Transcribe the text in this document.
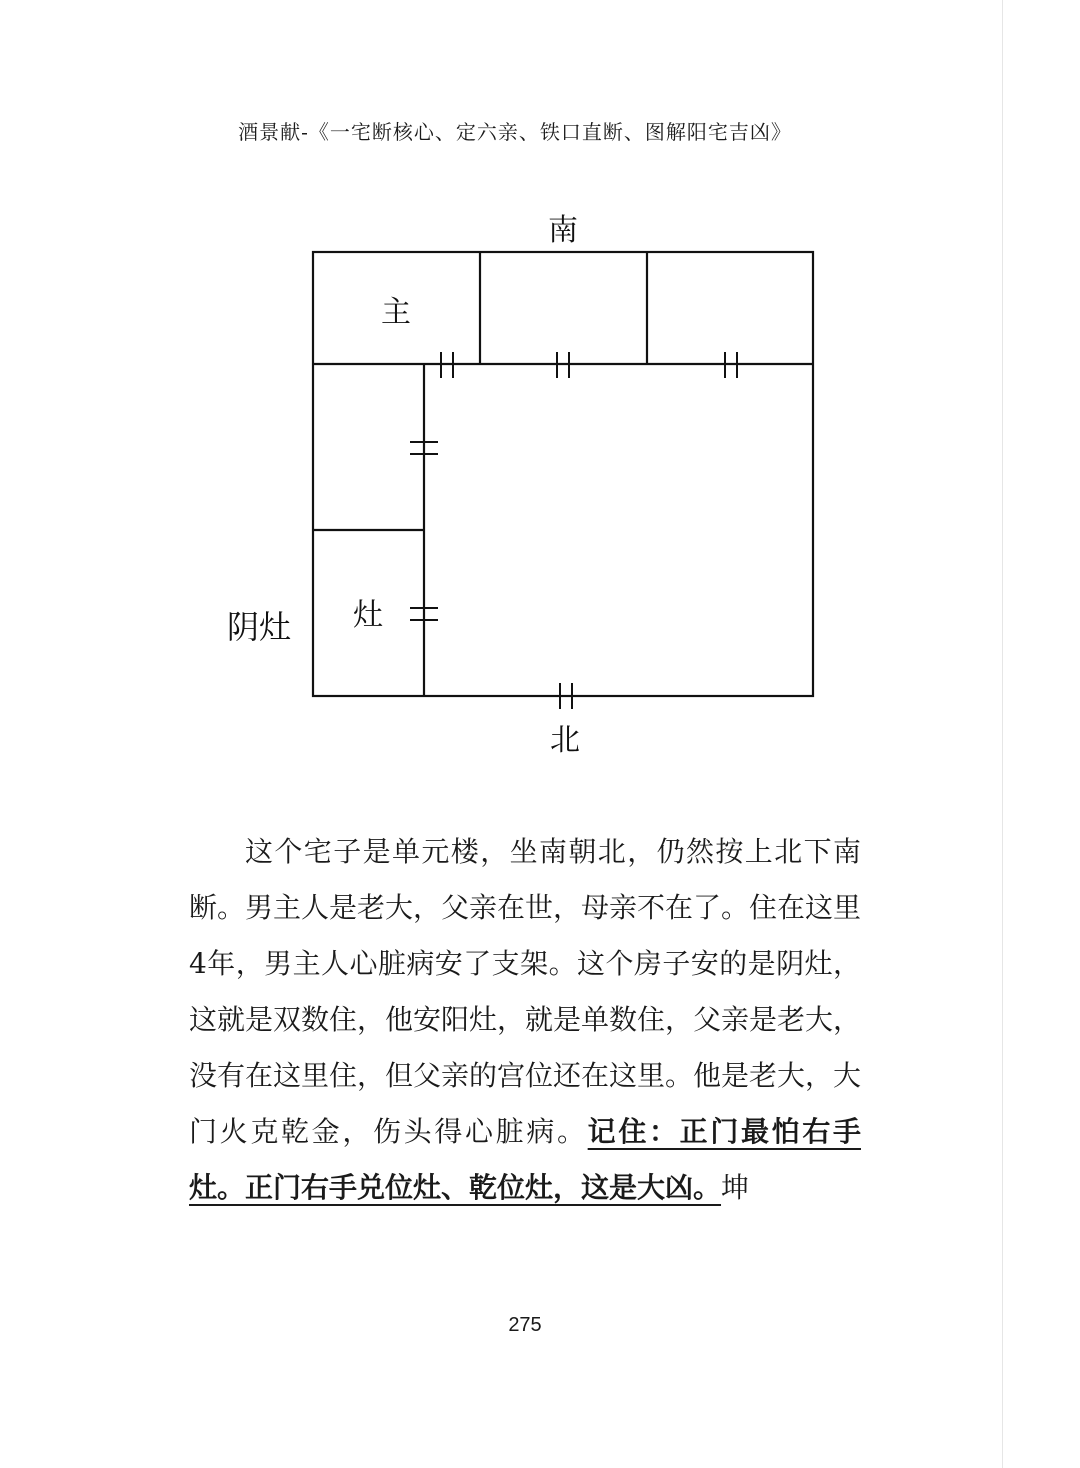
酒景献-《一宅断核心、定六亲、铁口直断、图解阳宅吉凶》
南
北
阴灶
主
灶

这个宅子是单元楼，坐南朝北，仍然按上北下南断。男主人是老大，父亲在世，母亲不在了。住在这里4年，男主人心脏病安了支架。这个房子安的是阴灶，这就是双数住，他安阳灶，就是单数住，父亲是老大，没有在这里住，但父亲的宫位还在这里。他是老大，大门火克乾金，伤头得心脏病。记住：正门最怕右手灶。正门右手兑位灶、乾位灶，这是大凶。坤

275
